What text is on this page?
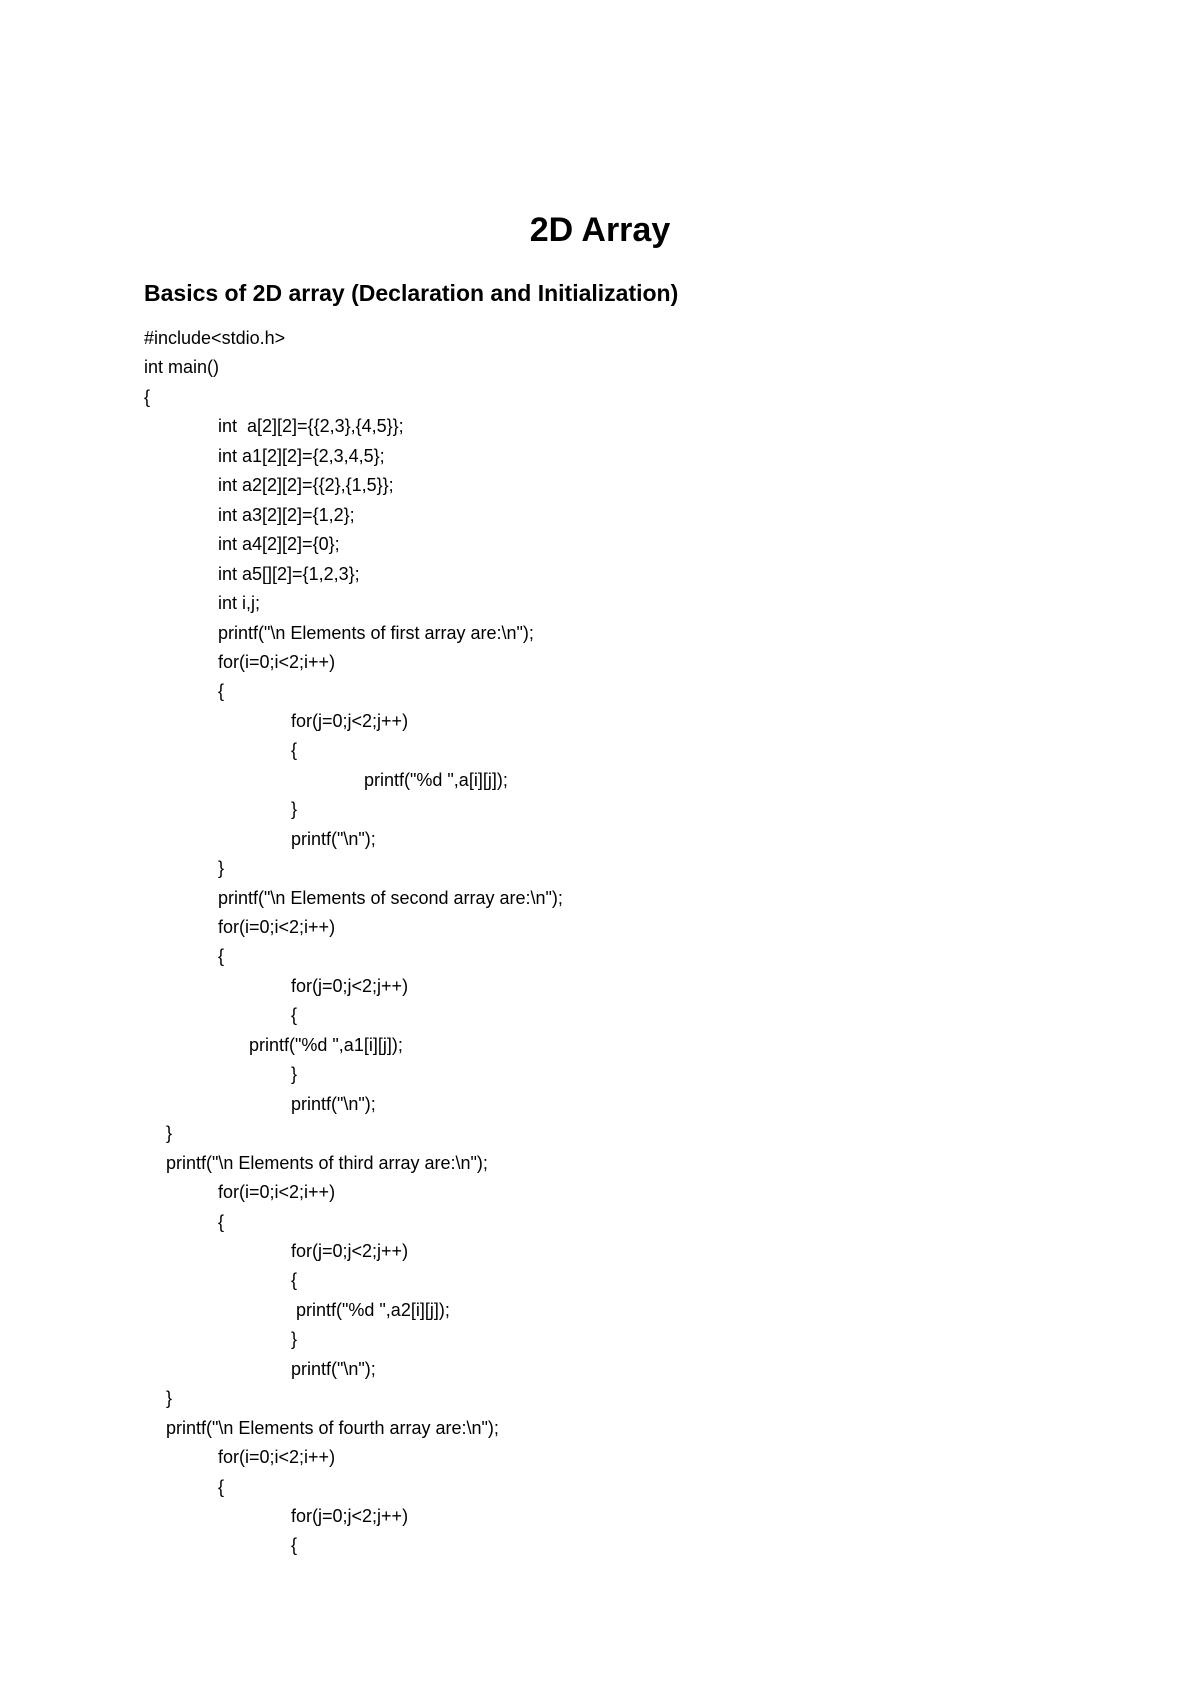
2D Array
Basics of 2D array (Declaration and Initialization)
#include<stdio.h>
int main()
{
int  a[2][2]={{2,3},{4,5}};
int a1[2][2]={2,3,4,5};
int a2[2][2]={{2},{1,5}};
int a3[2][2]={1,2};
int a4[2][2]={0};
int a5[][2]={1,2,3};
int i,j;
printf("\n Elements of first array are:\n");
for(i=0;i<2;i++)
{
for(j=0;j<2;j++)
{
printf("%d ",a[i][j]);
}
printf("\n");
}
printf("\n Elements of second array are:\n");
for(i=0;i<2;i++)
{
for(j=0;j<2;j++)
{
printf("%d ",a1[i][j]);
}
printf("\n");
}
printf("\n Elements of third array are:\n");
for(i=0;i<2;i++)
{
for(j=0;j<2;j++)
{
printf("%d ",a2[i][j]);
}
printf("\n");
}
printf("\n Elements of fourth array are:\n");
for(i=0;i<2;i++)
{
for(j=0;j<2;j++)
{
